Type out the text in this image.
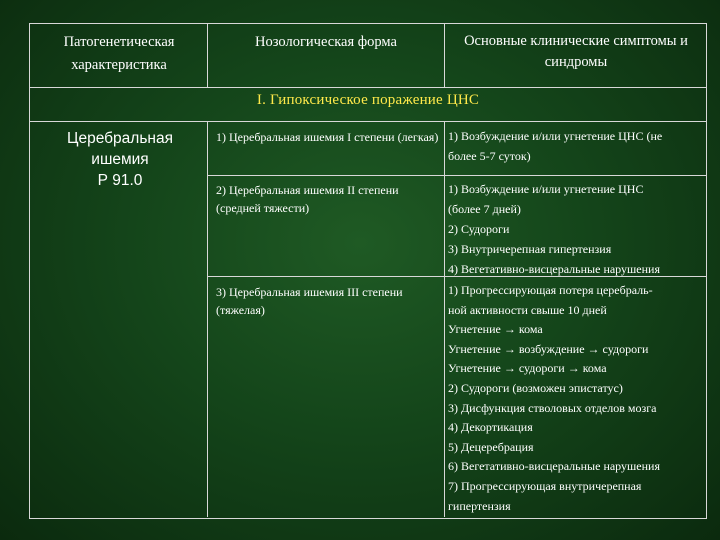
Патогенетическая характеристика
Нозологическая форма	Основные клинические симптомы и синдромы
I. Гипоксическое поражение ЦНС
Церебральная
ишемия
Р 91.0
1) Церебральная ишемия I степени (легкая) 1) Возбуждение и/или угнетение ЦНС (не
более 5-7 суток)
2) Церебральная ишемия II степени (средней тяжести)
1) Возбуждение и/или угнетение ЦНС
(более 7 дней)
2) Судороги
3) Внутричерепная гипертензия
4) Вегетативно-висцеральные нарушения
3) Церебральная ишемия III степени (тяжелая)
1) Прогрессирующая потеря церебраль-
ной активности свыше 10 дней
Угнетение → кома
Угнетение → возбуждение → судороги
Угнетение → судороги → кома
2) Судороги (возможен эпистатус)
3) Дисфункция стволовых отделов мозга
4) Декортикация
5) Децеребрация
6) Вегетативно-висцеральные нарушения
7) Прогрессирующая внутричерепная
гипертензия
